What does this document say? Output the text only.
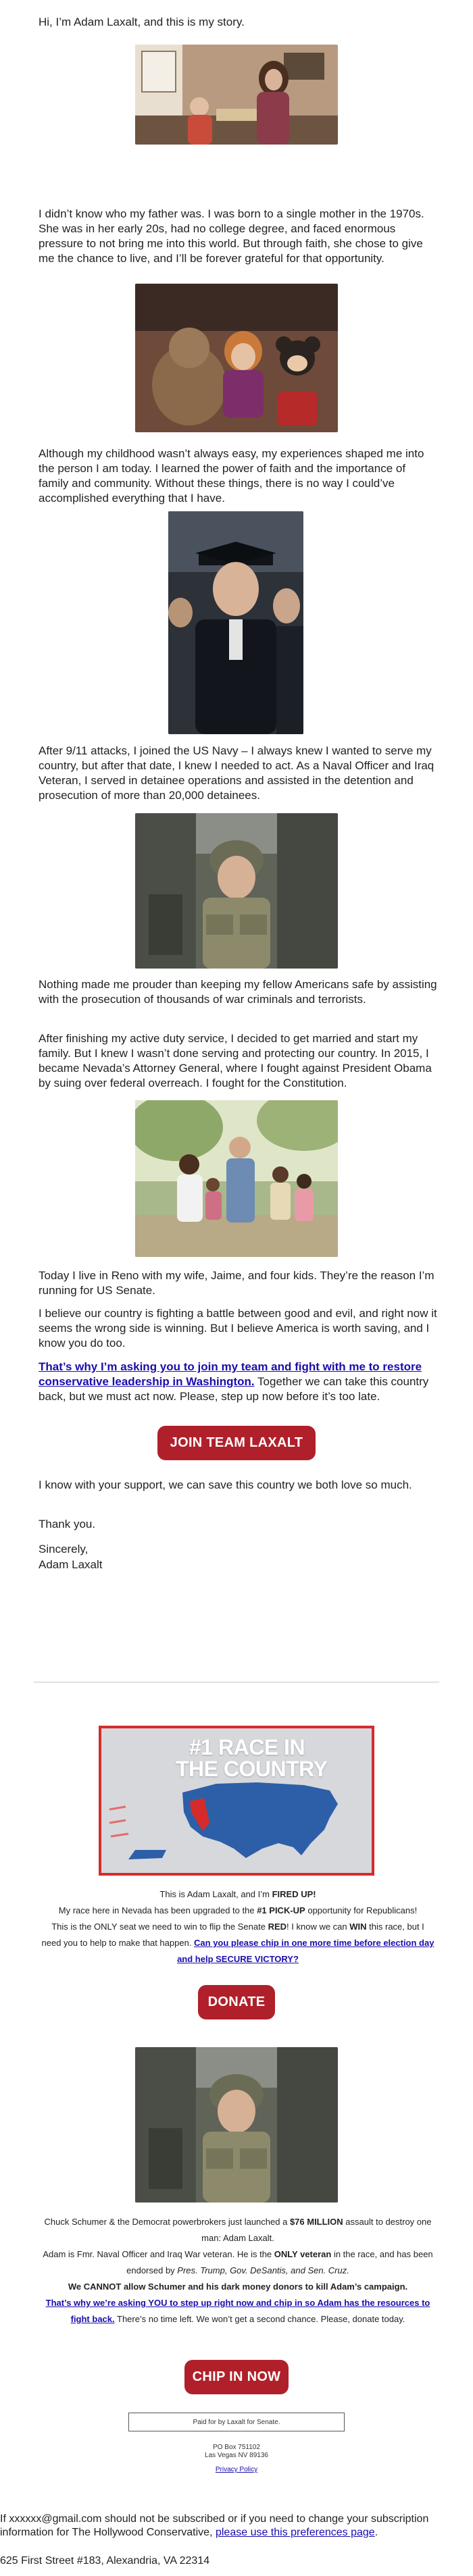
Hi, I’m Adam Laxalt, and this is my story.

I didn’t know who my father was. I was born to a single mother in the 1970s. She was in her early 20s, had no college degree, and faced enormous pressure to not bring me into this world. But through faith, she chose to give me the chance to live, and I’ll be forever grateful for that opportunity.

Although my childhood wasn’t always easy, my experiences shaped me into the person I am today. I learned the power of faith and the importance of family and community. Without these things, there is no way I could’ve accomplished everything that I have.

After 9/11 attacks, I joined the US Navy – I always knew I wanted to serve my country, but after that date, I knew I needed to act. As a Naval Officer and Iraq Veteran, I served in detainee operations and assisted in the detention and prosecution of more than 20,000 detainees.

Nothing made me prouder than keeping my fellow Americans safe by assisting with the prosecution of thousands of war criminals and terrorists.

After finishing my active duty service, I decided to get married and start my family. But I knew I wasn’t done serving and protecting our country. In 2015, I became Nevada’s Attorney General, where I fought against President Obama by suing over federal overreach. I fought for the Constitution.

Today I live in Reno with my wife, Jaime, and four kids. They’re the reason I’m running for US Senate.

I believe our country is fighting a battle between good and evil, and right now it seems the wrong side is winning. But I believe America is worth saving, and I know you do too.

That’s why I’m asking you to join my team and fight with me to restore conservative leadership in Washington. Together we can take this country back, but we must act now. Please, step up now before it’s too late.

JOIN TEAM LAXALT

I know with your support, we can save this country we both love so much.

Thank you.

Sincerely,

Adam Laxalt

#1 RACE IN
THE COUNTRY

This is Adam Laxalt, and I’m FIRED UP!

My race here in Nevada has been upgraded to the #1 PICK-UP opportunity for Republicans!

This is the ONLY seat we need to win to flip the Senate RED! I know we can WIN this race, but I

need you to help to make that happen. Can you please chip in one more time before election day and help SECURE VICTORY?

DONATE

Chuck Schumer & the Democrat powerbrokers just launched a $76 MILLION assault to destroy one man: Adam Laxalt.

Adam is Fmr. Naval Officer and Iraq War veteran. He is the ONLY veteran in the race, and has been endorsed by Pres. Trump, Gov. DeSantis, and Sen. Cruz.

We CANNOT allow Schumer and his dark money donors to kill Adam’s campaign.

That’s why we’re asking YOU to step up right now and chip in so Adam has the resources to fight back. There’s no time left. We won’t get a second chance. Please, donate today.

CHIP IN NOW
Paid for by Laxalt for Senate.
PO Box 751102
Las Vegas NV 89136
Privacy Policy

If xxxxxx@gmail.com should not be subscribed or if you need to change your subscription information for The Hollywood Conservative, please use this preferences page.

625 First Street #183, Alexandria, VA 22314
